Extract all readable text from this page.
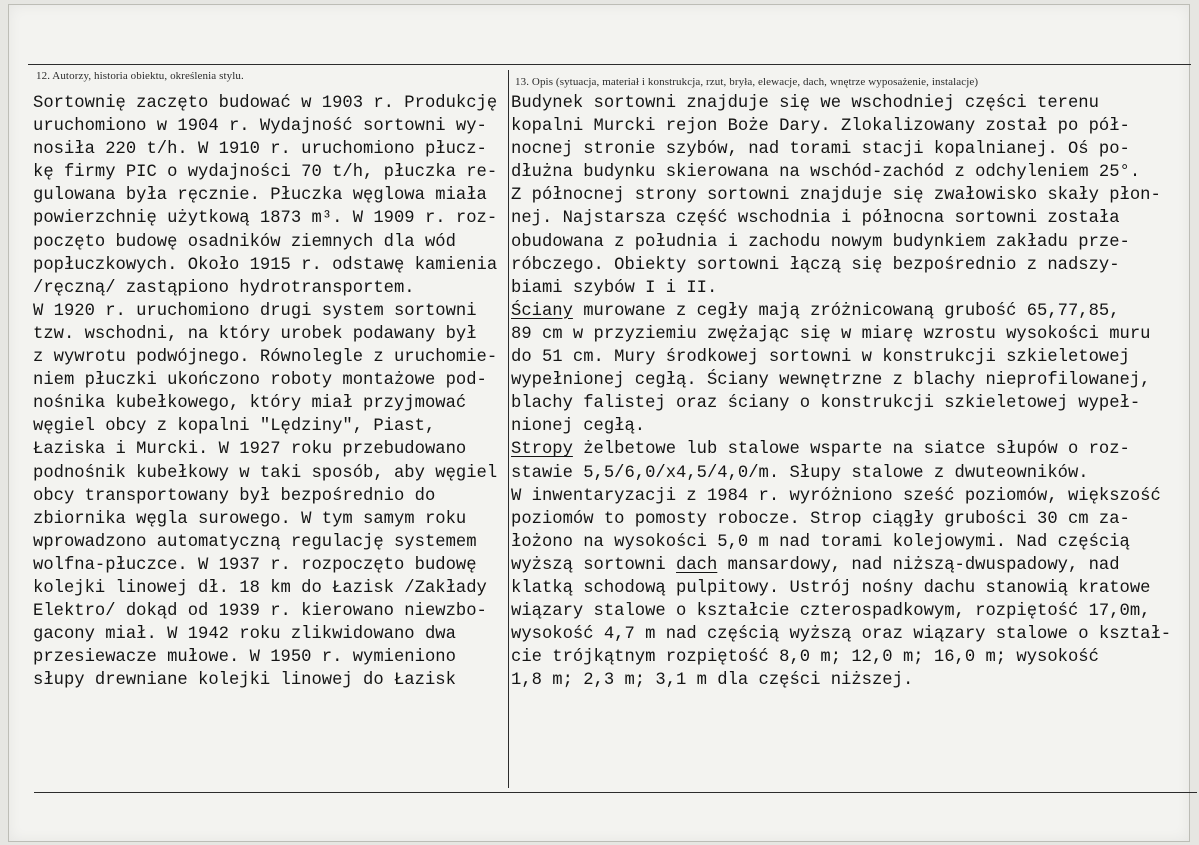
12. Autorzy, historia obiektu, określenia stylu.	13. Opis (sytuacja, materiał i konstrukcja, rzut, bryła, elewacje, dach, wnętrze wyposażenie, instalacje)
Sortownię zaczęto budować w 1903 r. Produkcję
uruchomiono w 1904 r. Wydajność sortowni wy-
nosiła 220 t/h. W 1910 r. uruchomiono płucz-
kę firmy PIC o wydajności 70 t/h, płuczka re-
gulowana była ręcznie. Płuczka węglowa miała
powierzchnię użytkową 1873 m³. W 1909 r. roz-
poczęto budowę osadników ziemnych dla wód
popłuczkowych. Około 1915 r. odstawę kamienia
/ręczną/ zastąpiono hydrotransportem.
W 1920 r. uruchomiono drugi system sortowni
tzw. wschodni, na który urobek podawany był
z wywrotu podwójnego. Równolegle z uruchomie-
niem płuczki ukończono roboty montażowe pod-
nośnika kubełkowego, który miał przyjmować
węgiel obcy z kopalni "Lędziny", Piast,
Łaziska i Murcki. W 1927 roku przebudowano
podnośnik kubełkowy w taki sposób, aby węgiel
obcy transportowany był bezpośrednio do
zbiornika węgla surowego. W tym samym roku
wprowadzono automatyczną regulację systemem
wolfna-płuczce. W 1937 r. rozpoczęto budowę
kolejki linowej dł. 18 km do Łazisk /Zakłady
Elektro/ dokąd od 1939 r. kierowano niewzbo-
gacony miał. W 1942 roku zlikwidowano dwa
przesiewacze mułowe. W 1950 r. wymieniono
słupy drewniane kolejki linowej do Łazisk
Budynek sortowni znajduje się we wschodniej części terenu
kopalni Murcki rejon Boże Dary. Zlokalizowany został po pół-
nocnej stronie szybów, nad torami stacji kopalnianej. Oś po-
dłużna budynku skierowana na wschód-zachód z odchyleniem 25°.
Z północnej strony sortowni znajduje się zwałowisko skały płon-
nej. Najstarsza część wschodnia i północna sortowni została
obudowana z południa i zachodu nowym budynkiem zakładu prze-
róbczego. Obiekty sortowni łączą się bezpośrednio z nadszy-
biami szybów I i II.
Ściany murowane z cegły mają zróżnicowaną grubość 65,77,85,
89 cm w przyziemiu zwężając się w miarę wzrostu wysokości muru
do 51 cm. Mury środkowej sortowni w konstrukcji szkieletowej
wypełnionej cegłą. Ściany wewnętrzne z blachy nieprofilowanej,
blachy falistej oraz ściany o konstrukcji szkieletowej wypeł-
nionej cegłą.
Stropy żelbetowe lub stalowe wsparte na siatce słupów o roz-
stawie 5,5/6,0/x4,5/4,0/m. Słupy stalowe z dwuteowników.
W inwentaryzacji z 1984 r. wyróżniono sześć poziomów, większość
poziomów to pomosty robocze. Strop ciągły grubości 30 cm za-
łożono na wysokości 5,0 m nad torami kolejowymi. Nad częścią
wyższą sortowni dach mansardowy, nad niższą-dwuspadowy, nad
klatką schodową pulpitowy. Ustrój nośny dachu stanowią kratowe
wiązary stalowe o kształcie czterospadkowym, rozpiętość 17,0m,
wysokość 4,7 m nad częścią wyższą oraz wiązary stalowe o kształ-
cie trójkątnym rozpiętość 8,0 m; 12,0 m; 16,0 m; wysokość
1,8 m; 2,3 m; 3,1 m dla części niższej.
